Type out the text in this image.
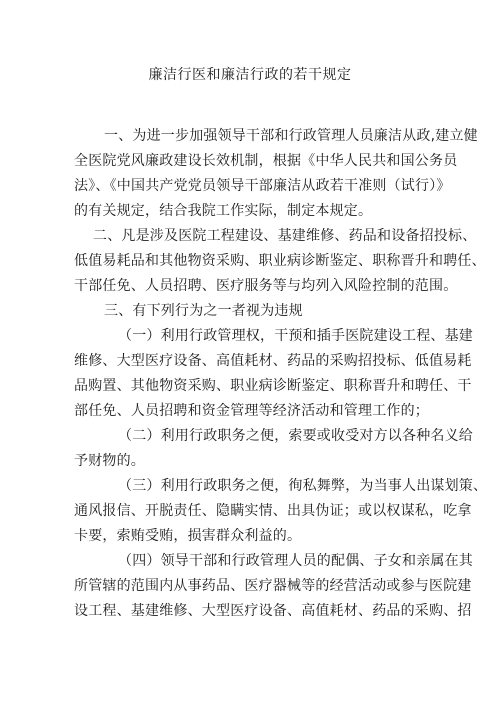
廉洁行医和廉洁行政的若干规定
一、为进一步加强领导干部和行政管理人员廉洁从政,建立健
全医院党风廉政建设长效机制，根据《中华人民共和国公务员
法》、《中国共产党党员领导干部廉洁从政若干准则（试行）》
的有关规定，结合我院工作实际，制定本规定。
二、凡是涉及医院工程建设、基建维修、药品和设备招投标、
低值易耗品和其他物资采购、职业病诊断鉴定、职称晋升和聘任、
干部任免、人员招聘、医疗服务等与均列入风险控制的范围。
三、有下列行为之一者视为违规
（一）利用行政管理权，干预和插手医院建设工程、基建
维修、大型医疗设备、高值耗材、药品的采购招投标、低值易耗
品购置、其他物资采购、职业病诊断鉴定、职称晋升和聘任、干
部任免、人员招聘和资金管理等经济活动和管理工作的；
（二）利用行政职务之便，索要或收受对方以各种名义给
予财物的。
（三）利用行政职务之便，徇私舞弊，为当事人出谋划策、
通风报信、开脱责任、隐瞒实情、出具伪证；或以权谋私，吃拿
卡要，索贿受贿，损害群众利益的。
（四）领导干部和行政管理人员的配偶、子女和亲属在其
所管辖的范围内从事药品、医疗器械等的经营活动或参与医院建
设工程、基建维修、大型医疗设备、高值耗材、药品的采购、招
